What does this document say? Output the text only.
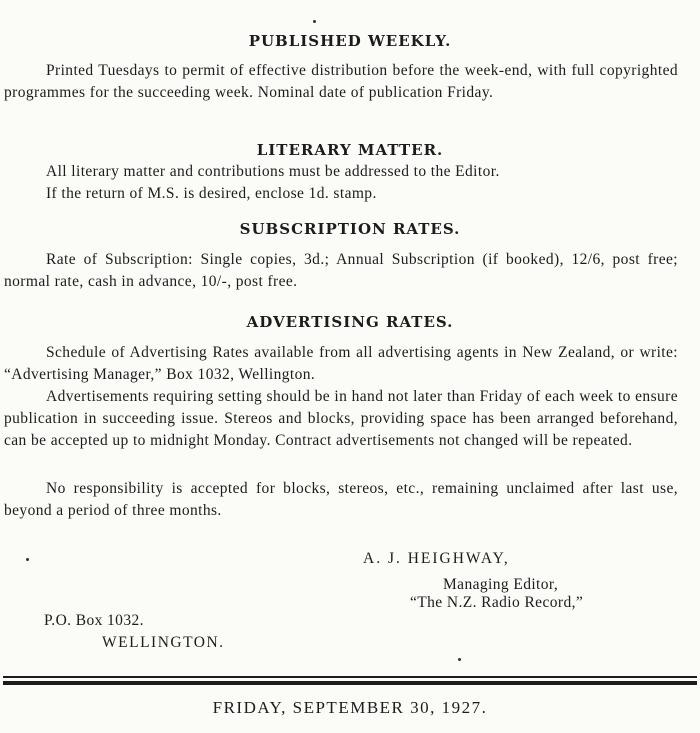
PUBLISHED WEEKLY.
Printed Tuesdays to permit of effective distribution before the week-end, with full copyrighted programmes for the succeeding week. Nominal date of publication Friday.
LITERARY MATTER.
All literary matter and contributions must be addressed to the Editor.
If the return of M.S. is desired, enclose 1d. stamp.
SUBSCRIPTION RATES.
Rate of Subscription: Single copies, 3d.; Annual Subscription (if booked), 12/6, post free; normal rate, cash in advance, 10/-, post free.
ADVERTISING RATES.
Schedule of Advertising Rates available from all advertising agents in New Zealand, or write: “Advertising Manager,” Box 1032, Wellington.
Advertisements requiring setting should be in hand not later than Friday of each week to ensure publication in succeeding issue. Stereos and blocks, providing space has been arranged beforehand, can be accepted up to midnight Monday. Contract advertisements not changed will be repeated.
No responsibility is accepted for blocks, stereos, etc., remaining unclaimed after last use, beyond a period of three months.
A. J. HEIGHWAY,
Managing Editor,
“The N.Z. Radio Record,”
P.O. Box 1032.
WELLINGTON.
FRIDAY, SEPTEMBER 30, 1927.
